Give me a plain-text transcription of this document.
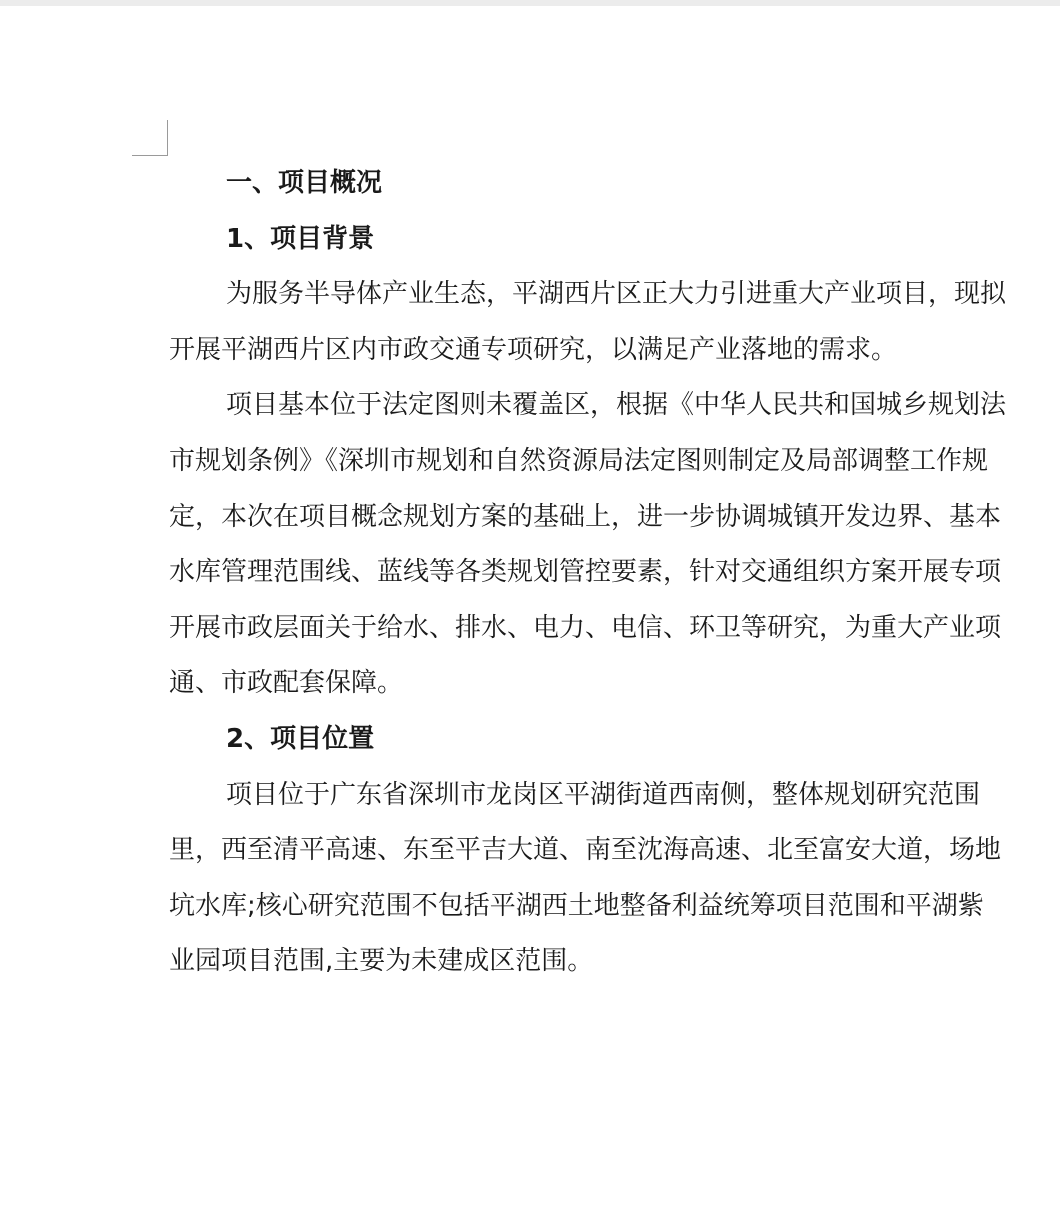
一、项目概况

1、项目背景

为服务半导体产业生态，平湖西片区正大力引进重大产业项目，现拟

开展平湖西片区内市政交通专项研究，以满足产业落地的需求。

项目基本位于法定图则未覆盖区，根据《中华人民共和国城乡规划法

市规划条例》《深圳市规划和自然资源局法定图则制定及局部调整工作规

定，本次在项目概念规划方案的基础上，进一步协调城镇开发边界、基本

水库管理范围线、蓝线等各类规划管控要素，针对交通组织方案开展专项

开展市政层面关于给水、排水、电力、电信、环卫等研究，为重大产业项

通、市政配套保障。

2、项目位置

项目位于广东省深圳市龙岗区平湖街道西南侧，整体规划研究范围

里，西至清平高速、东至平吉大道、南至沈海高速、北至富安大道，场地

坑水库;核心研究范围不包括平湖西土地整备利益统筹项目范围和平湖紫

业园项目范围,主要为未建成区范围。
